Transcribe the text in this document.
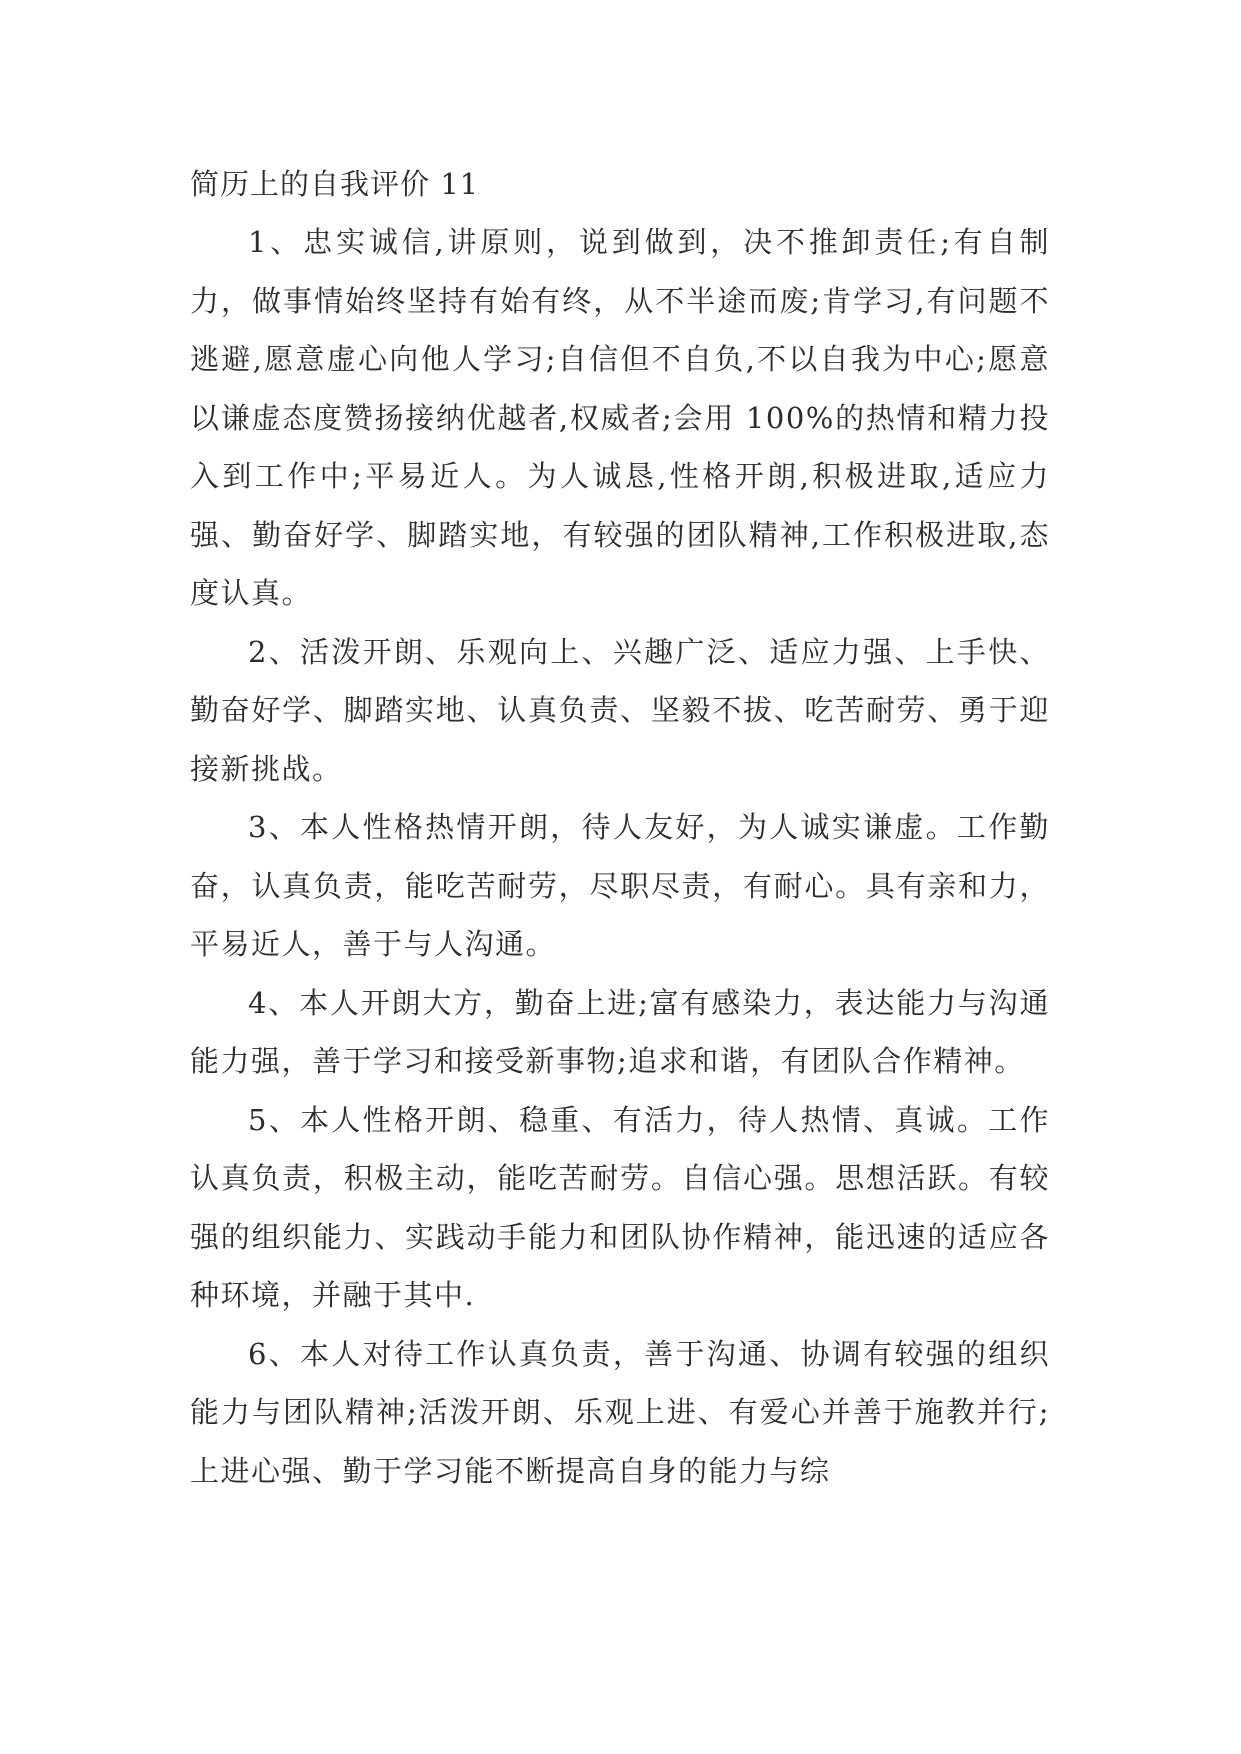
简历上的自我评价 11

1、忠实诚信,讲原则，说到做到，决不推卸责任;有自制力，做事情始终坚持有始有终，从不半途而废;肯学习,有问题不逃避,愿意虚心向他人学习;自信但不自负,不以自我为中心;愿意以谦虚态度赞扬接纳优越者,权威者;会用 100%的热情和精力投入到工作中;平易近人。为人诚恳,性格开朗,积极进取,适应力强、勤奋好学、脚踏实地，有较强的团队精神,工作积极进取,态度认真。

2、活泼开朗、乐观向上、兴趣广泛、适应力强、上手快、勤奋好学、脚踏实地、认真负责、坚毅不拔、吃苦耐劳、勇于迎接新挑战。

3、本人性格热情开朗，待人友好，为人诚实谦虚。工作勤奋，认真负责，能吃苦耐劳，尽职尽责，有耐心。具有亲和力，平易近人，善于与人沟通。

4、本人开朗大方，勤奋上进;富有感染力，表达能力与沟通能力强，善于学习和接受新事物;追求和谐，有团队合作精神。

5、本人性格开朗、稳重、有活力，待人热情、真诚。工作认真负责，积极主动，能吃苦耐劳。自信心强。思想活跃。有较强的组织能力、实践动手能力和团队协作精神，能迅速的适应各种环境，并融于其中.

6、本人对待工作认真负责，善于沟通、协调有较强的组织能力与团队精神;活泼开朗、乐观上进、有爱心并善于施教并行;上进心强、勤于学习能不断提高自身的能力与综
